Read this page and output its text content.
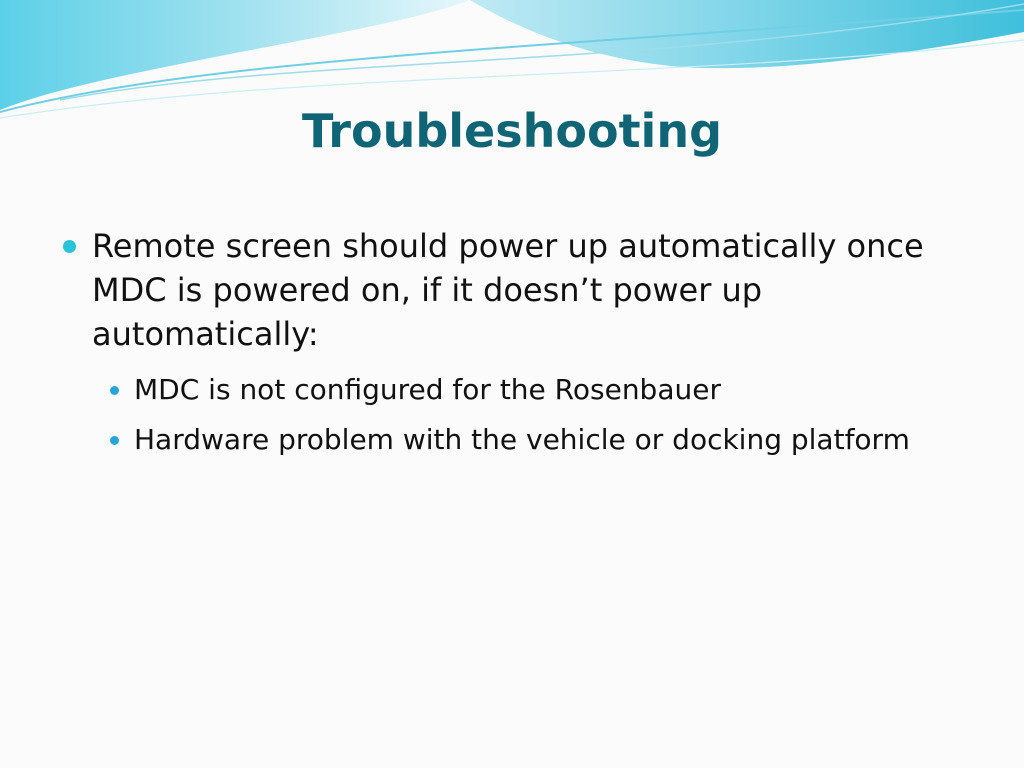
Troubleshooting
Remote screen should power up automatically once MDC is powered on, if it doesn’t power up automatically:
MDC is not configured for the Rosenbauer
Hardware problem with the vehicle or docking platform
